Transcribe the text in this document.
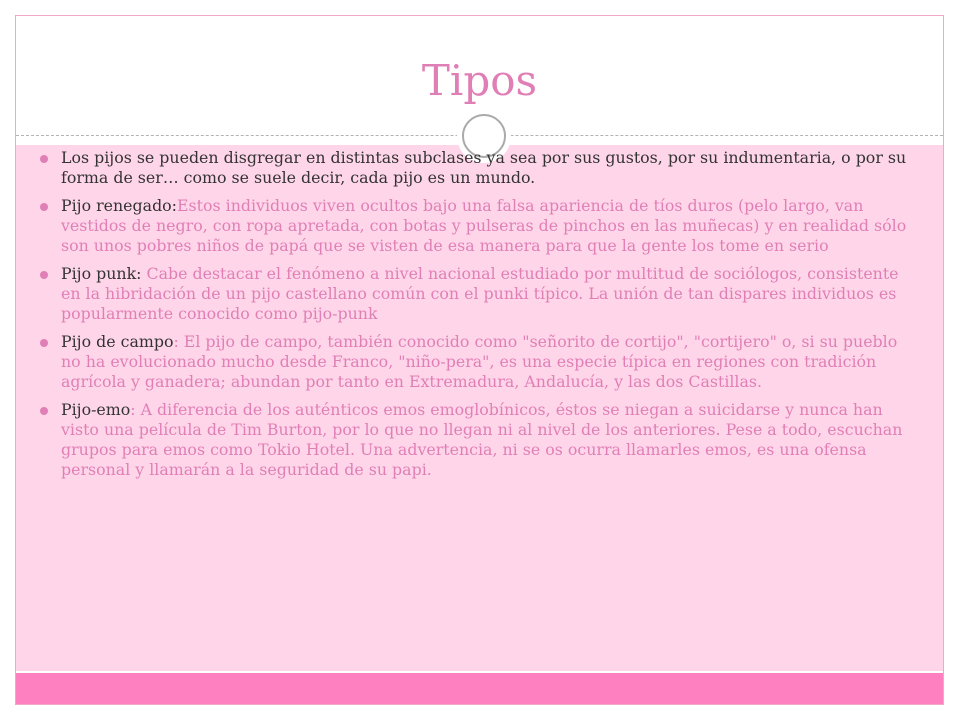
Tipos
Los pijos se pueden disgregar en distintas subclases ya sea por sus gustos, por su indumentaria, o por su forma de ser… como se suele decir, cada pijo es un mundo.
Pijo renegado:Estos individuos viven ocultos bajo una falsa apariencia de tíos duros (pelo largo, van vestidos de negro, con ropa apretada, con botas y pulseras de pinchos en las muñecas) y en realidad sólo son unos pobres niños de papá que se visten de esa manera para que la gente los tome en serio
Pijo punk: Cabe destacar el fenómeno a nivel nacional estudiado por multitud de sociólogos, consistente en la hibridación de un pijo castellano común con el punki típico. La unión de tan dispares individuos es popularmente conocido como pijo-punk
Pijo de campo: El pijo de campo, también conocido como "señorito de cortijo", "cortijero" o, si su pueblo no ha evolucionado mucho desde Franco, "niño-pera", es una especie típica en regiones con tradición agrícola y ganadera; abundan por tanto en Extremadura, Andalucía, y las dos Castillas.
Pijo-emo: A diferencia de los auténticos emos emoglobínicos, éstos se niegan a suicidarse y nunca han visto una película de Tim Burton, por lo que no llegan ni al nivel de los anteriores. Pese a todo, escuchan grupos para emos como Tokio Hotel. Una advertencia, ni se os ocurra llamarles emos, es una ofensa personal y llamarán a la seguridad de su papi.
